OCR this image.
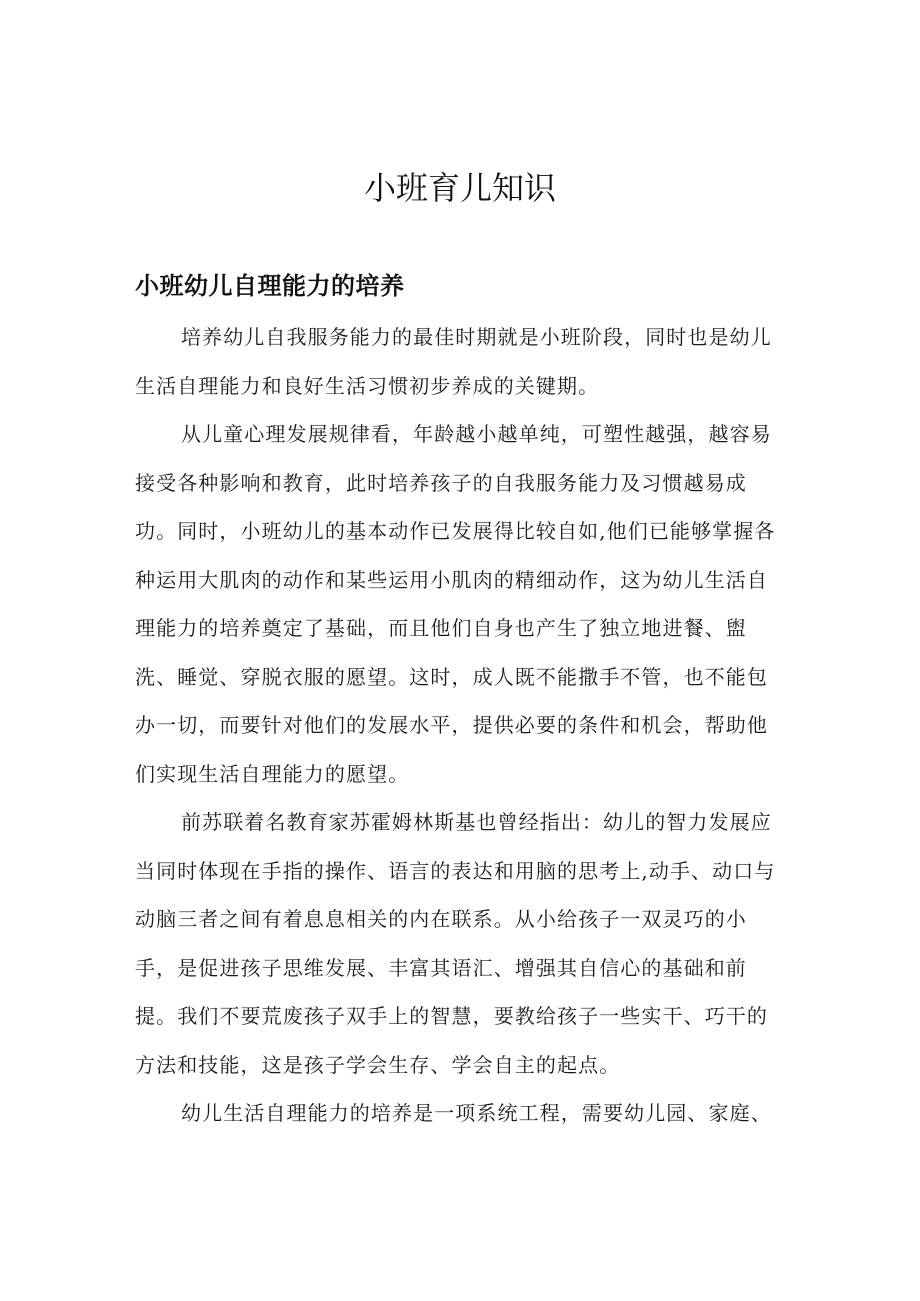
小班育儿知识
小班幼儿自理能力的培养
培养幼儿自我服务能力的最佳时期就是小班阶段，同时也是幼儿
生活自理能力和良好生活习惯初步养成的关键期。
从儿童心理发展规律看，年龄越小越单纯，可塑性越强，越容易
接受各种影响和教育，此时培养孩子的自我服务能力及习惯越易成
功。同时，小班幼儿的基本动作已发展得比较自如,他们已能够掌握各
种运用大肌肉的动作和某些运用小肌肉的精细动作，这为幼儿生活自
理能力的培养奠定了基础，而且他们自身也产生了独立地进餐、盥
洗、睡觉、穿脱衣服的愿望。这时，成人既不能撒手不管，也不能包
办一切，而要针对他们的发展水平，提供必要的条件和机会，帮助他
们实现生活自理能力的愿望。
前苏联着名教育家苏霍姆林斯基也曾经指出：幼儿的智力发展应
当同时体现在手指的操作、语言的表达和用脑的思考上,动手、动口与
动脑三者之间有着息息相关的内在联系。从小给孩子一双灵巧的小
手，是促进孩子思维发展、丰富其语汇、增强其自信心的基础和前
提。我们不要荒废孩子双手上的智慧，要教给孩子一些实干、巧干的
方法和技能，这是孩子学会生存、学会自主的起点。
幼儿生活自理能力的培养是一项系统工程，需要幼儿园、家庭、
